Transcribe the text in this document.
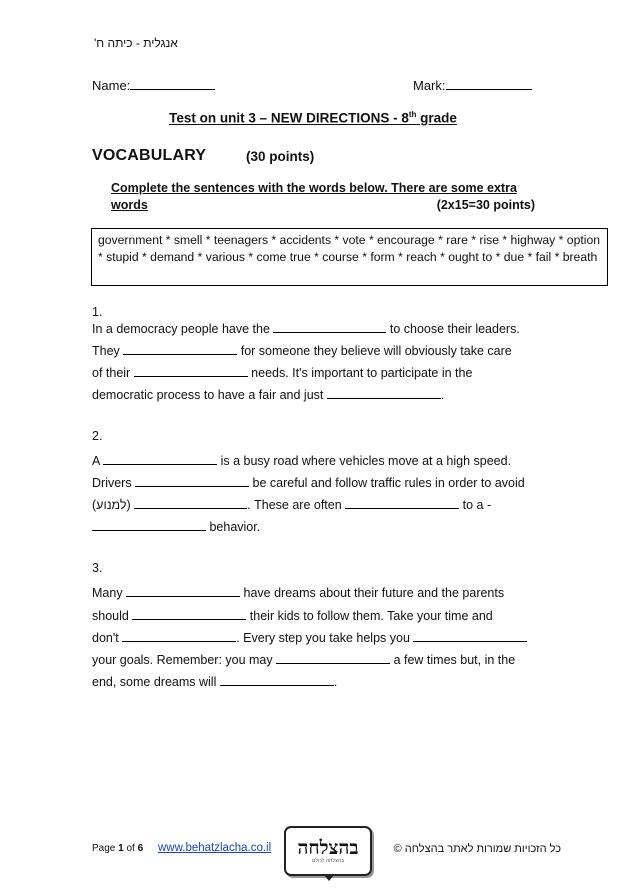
אנגלית - כיתה ח'
Name:	Mark:
Test on unit 3 – NEW DIRECTIONS - 8th grade
VOCABULARY	(30 points)
Complete the sentences with the words below. There are some extra
words	(2x15=30 points)
government * smell * teenagers * accidents * vote * encourage * rare * rise * highway * option * stupid * demand * various * come true * course * form * reach * ought to * due * fail * breath
1.
In a democracy people have the	to choose their leaders.
They	for someone they believe will obviously take care
of their	needs. It's important to participate in the
democratic process to have a fair and just	.
2.
A	is a busy road where vehicles move at a high speed.
Drivers	be careful and follow traffic rules in order to avoid
(למנוע)	. These are often	to a -
behavior.
3.
Many	have dreams about their future and the parents
should	their kids to follow them. Take your time and
don't	. Every step you take helps you
your goals. Remember: you may	a few times but, in the
end, some dreams will	.
Page 1 of 6 www.behatzlacha.co.il בהצלחה
בהצלחה לכולם
כל הזכויות שמורות לאתר בהצלחה ©
